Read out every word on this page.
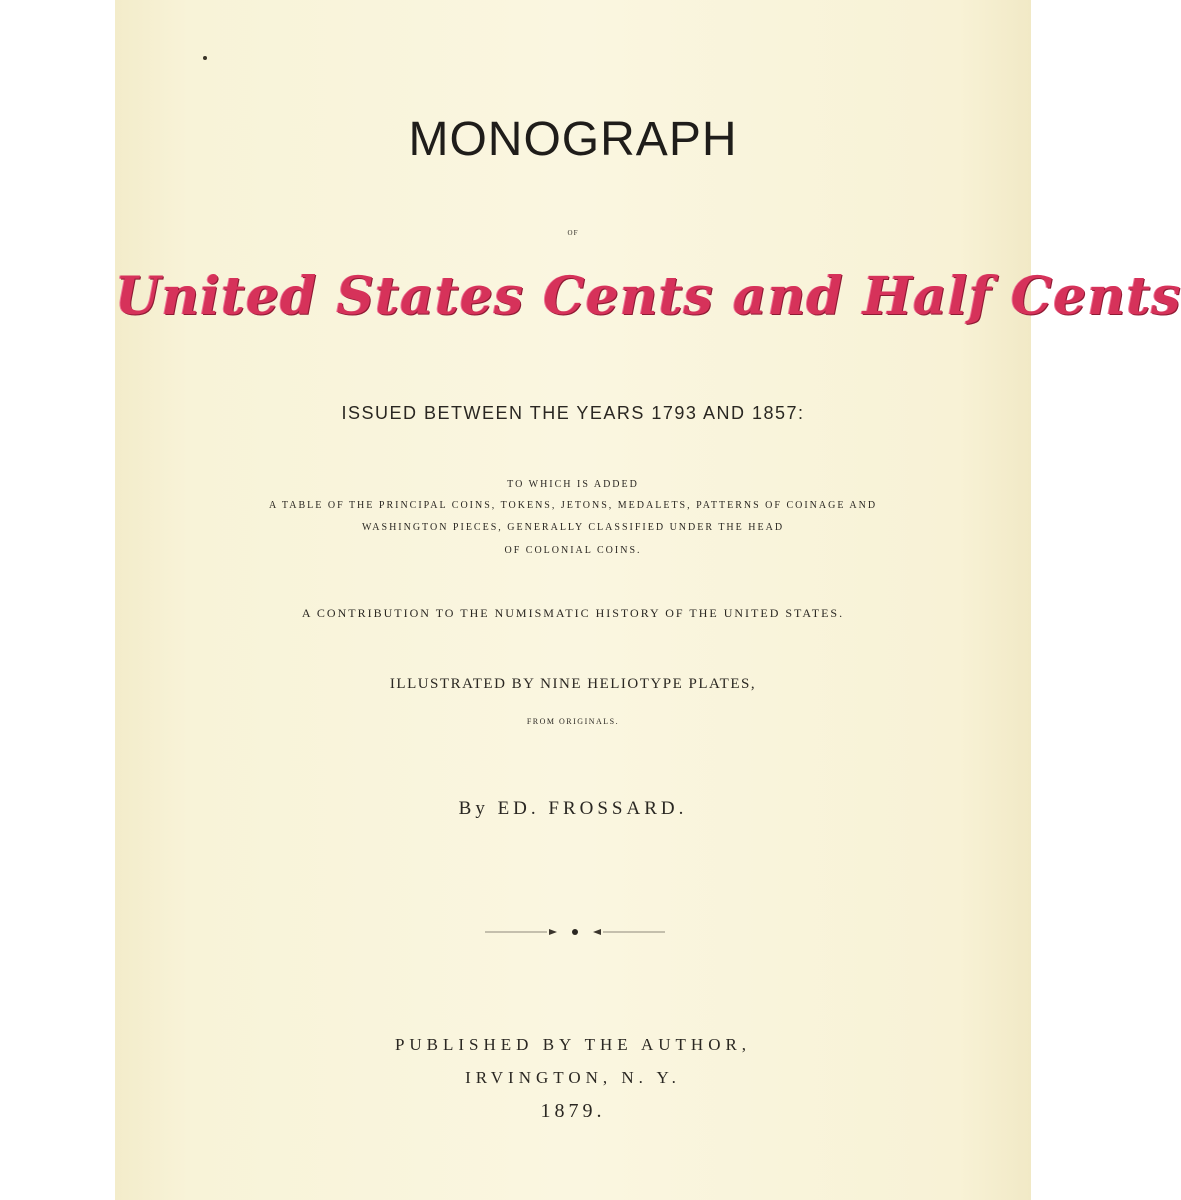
MONOGRAPH
OF
United States Cents and Half Cents
ISSUED BETWEEN THE YEARS 1793 AND 1857:
TO WHICH IS ADDED
A TABLE OF THE PRINCIPAL COINS, TOKENS, JETONS, MEDALETS, PATTERNS OF COINAGE AND
WASHINGTON PIECES, GENERALLY CLASSIFIED UNDER THE HEAD
OF COLONIAL COINS.
A CONTRIBUTION TO THE NUMISMATIC HISTORY OF THE UNITED STATES.
ILLUSTRATED BY NINE HELIOTYPE PLATES,
FROM ORIGINALS.
By ED. FROSSARD.
PUBLISHED BY THE AUTHOR,
IRVINGTON, N. Y.
1879.
